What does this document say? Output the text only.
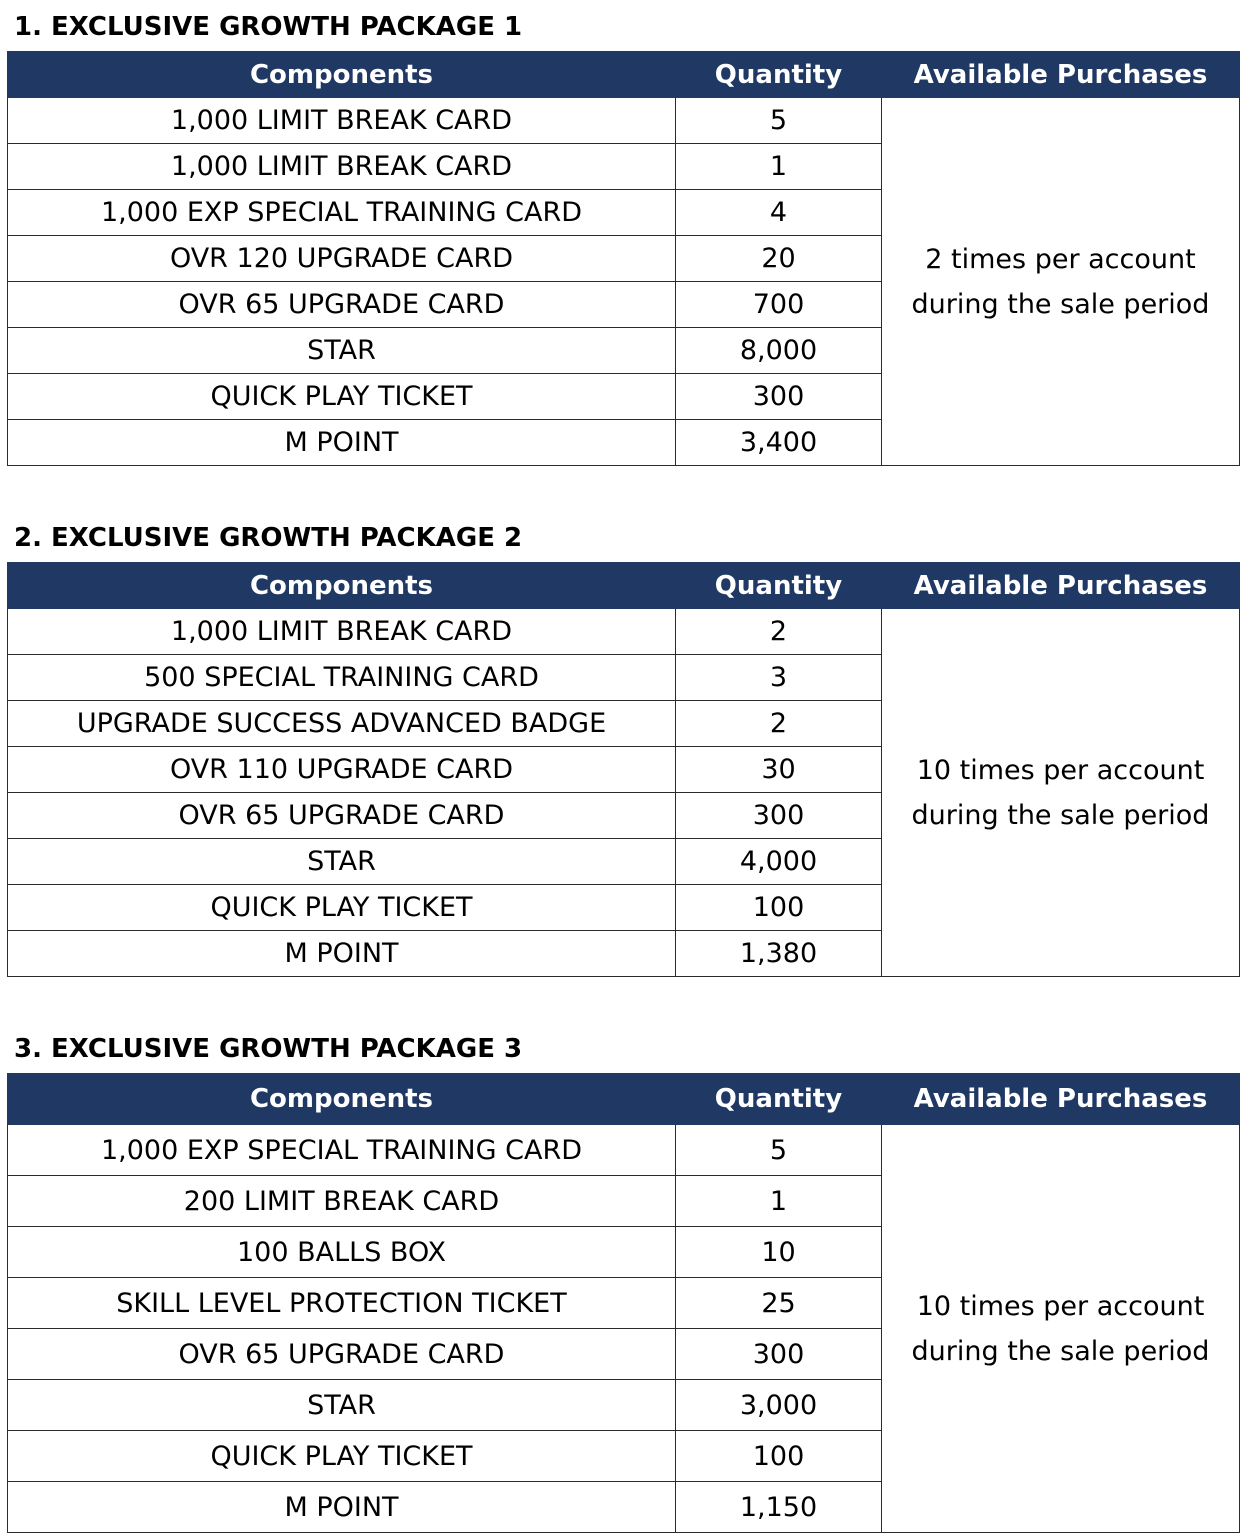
1. EXCLUSIVE GROWTH PACKAGE 1
Components	Quantity	Available Purchases
1,000 LIMIT BREAK CARD	5	2 times per account
during the sale period

1,000 LIMIT BREAK CARD	1	
1,000 EXP SPECIAL TRAINING CARD	4	
OVR 120 UPGRADE CARD	20	
OVR 65 UPGRADE CARD	700	
STAR	8,000	
QUICK PLAY TICKET	300	
M POINT	3,400	
2. EXCLUSIVE GROWTH PACKAGE 2
Components	Quantity	Available Purchases
1,000 LIMIT BREAK CARD	2	10 times per account
during the sale period

500 SPECIAL TRAINING CARD	3	
UPGRADE SUCCESS ADVANCED BADGE	2	
OVR 110 UPGRADE CARD	30	
OVR 65 UPGRADE CARD	300	
STAR	4,000	
QUICK PLAY TICKET	100	
M POINT	1,380	
3. EXCLUSIVE GROWTH PACKAGE 3
Components	Quantity	Available Purchases
1,000 EXP SPECIAL TRAINING CARD	5	10 times per account
during the sale period

200 LIMIT BREAK CARD	1	
100 BALLS BOX	10	
SKILL LEVEL PROTECTION TICKET	25	
OVR 65 UPGRADE CARD	300	
STAR	3,000	
QUICK PLAY TICKET	100	
M POINT	1,150	
